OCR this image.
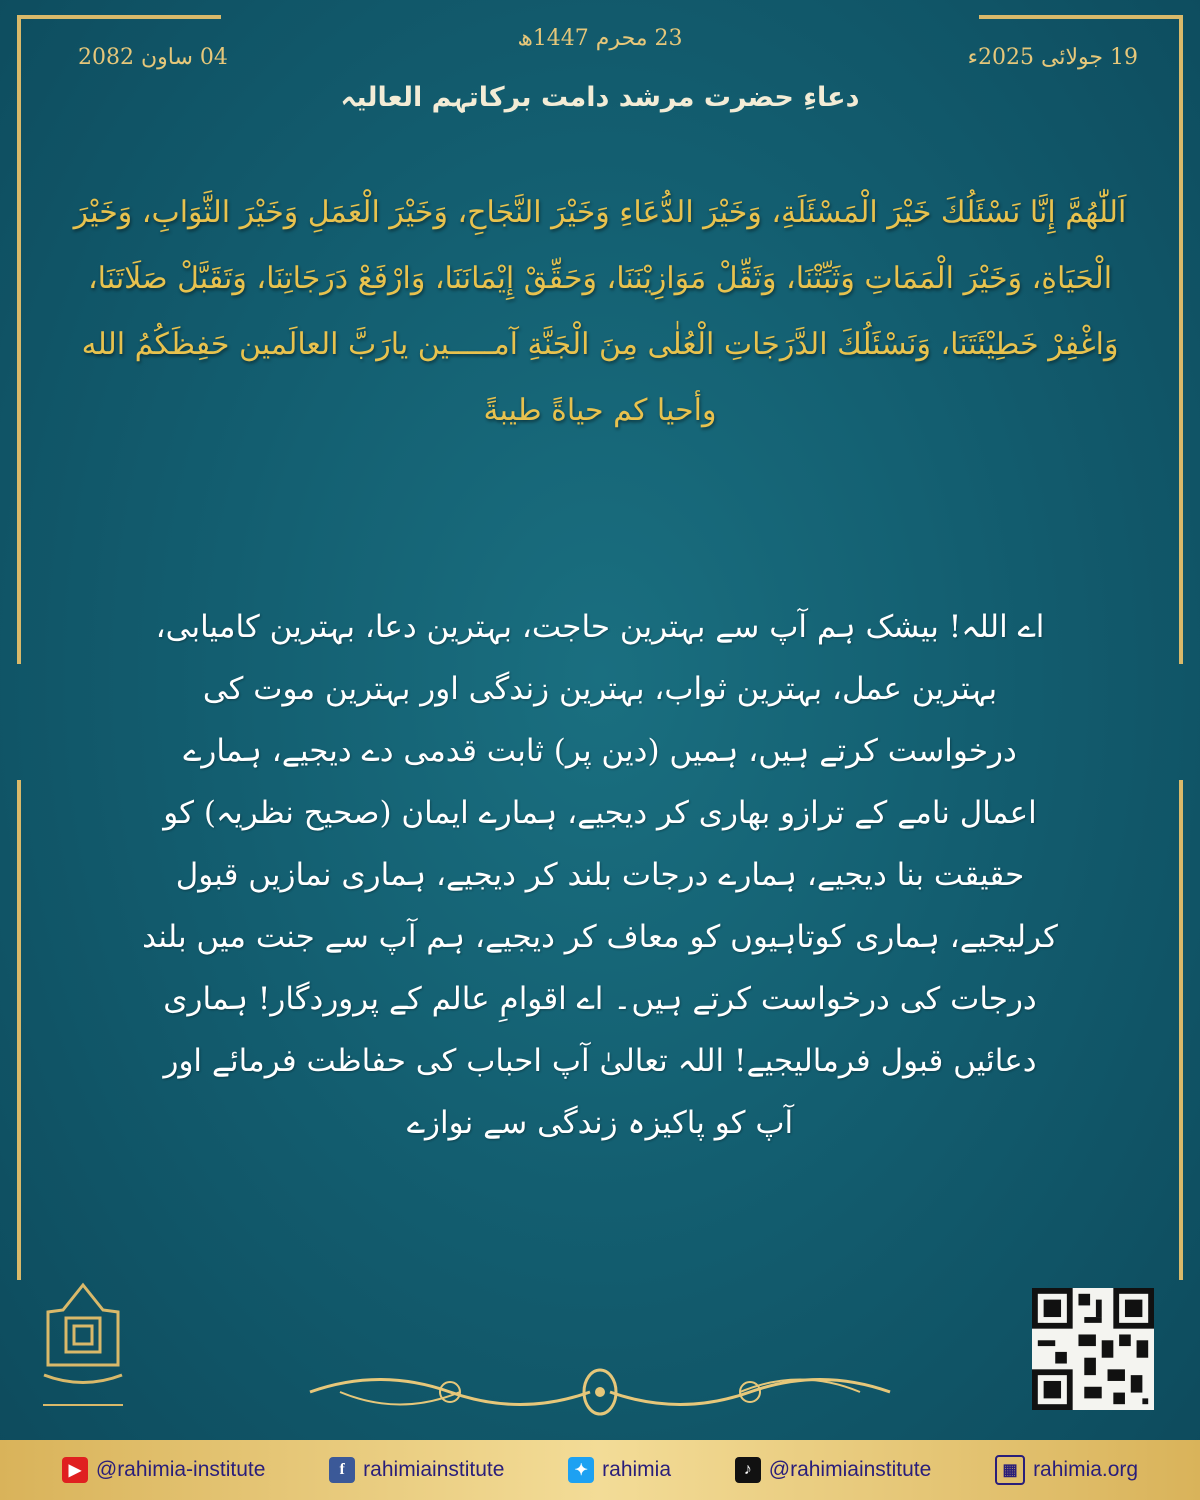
19 جولائی 2025ء
23 محرم 1447ھ
04 ساون 2082
دعاءِ حضرت مرشد دامت برکاتہم العالیہ
اَللّٰهُمَّ إِنَّا نَسْئَلُكَ خَيْرَ الْمَسْئَلَةِ، وَخَيْرَ الدُّعَاءِ وَخَيْرَ النَّجَاحِ، وَخَيْرَ الْعَمَلِ وَخَيْرَ الثَّوَابِ، وَخَيْرَ الْحَيَاةِ، وَخَيْرَ الْمَمَاتِ وَثَبِّتْنَا، وَثَقِّلْ مَوَازِيْنَنَا، وَحَقِّقْ إِيْمَانَنَا، وَارْفَعْ دَرَجَاتِنَا، وَتَقَبَّلْ صَلَاتَنَا، وَاغْفِرْ خَطِيْئَتَنَا، وَنَسْئَلُكَ الدَّرَجَاتِ الْعُلٰى مِنَ الْجَنَّةِ آمـــــين يارَبَّ العالَمين حَفِظَكُمُ الله وأحيا كم حياةً طيبةً
اے اللہ! بیشک ہم آپ سے بہترین حاجت، بہترین دعا، بہترین کامیابی، بہترین عمل، بہترین ثواب، بہترین زندگی اور بہترین موت کی درخواست کرتے ہیں، ہمیں (دین پر) ثابت قدمی دے دیجیے، ہمارے اعمال نامے کے ترازو بھاری کر دیجیے، ہمارے ایمان (صحیح نظریہ) کو حقیقت بنا دیجیے، ہمارے درجات بلند کر دیجیے، ہماری نمازیں قبول کرلیجیے، ہماری کوتاہیوں کو معاف کر دیجیے، ہم آپ سے جنت میں بلند درجات کی درخواست کرتے ہیں۔ اے اقوامِ عالم کے پروردگار! ہماری دعائیں قبول فرمالیجیے! اللہ تعالیٰ آپ احباب کی حفاظت فرمائے اور آپ کو پاکیزہ زندگی سے نوازے
▶ @rahimia-institute	f rahimiainstitute	✦ rahimia	♪ @rahimiainstitute	▦ rahimia.org
